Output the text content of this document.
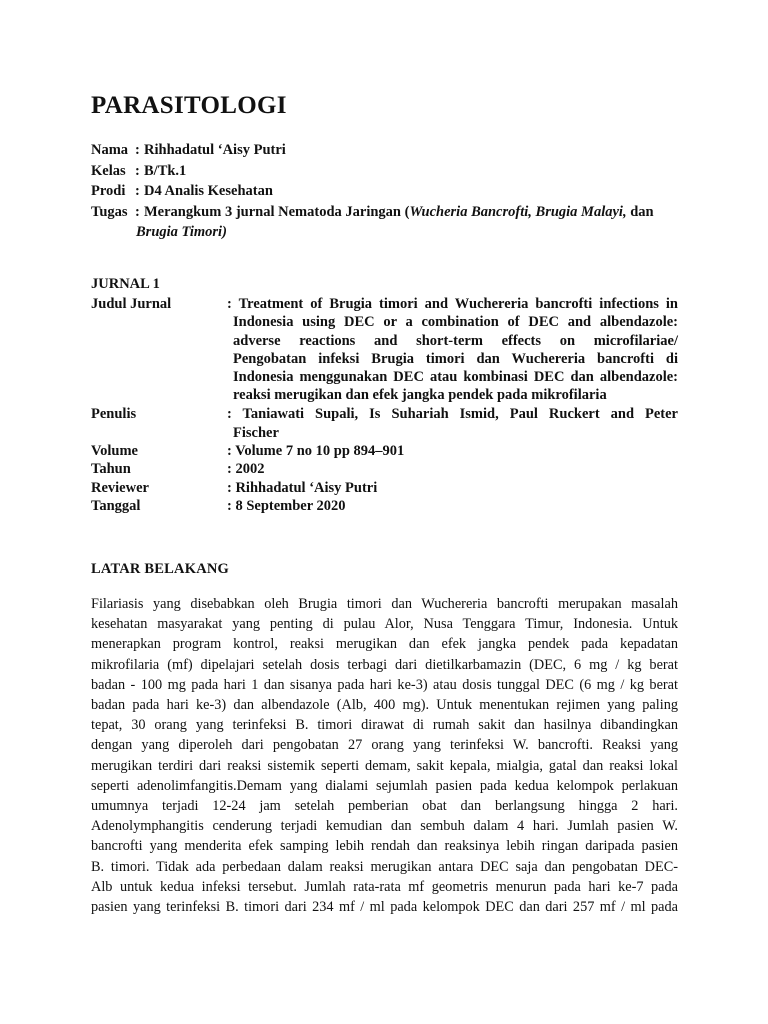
PARASITOLOGI
Nama : Rihhadatul ‘Aisy Putri
Kelas : B/Tk.1
Prodi : D4 Analis Kesehatan
Tugas : Merangkum 3 jurnal Nematoda Jaringan (Wucheria Bancrofti, Brugia Malayi, dan
Brugia Timori)
JURNAL 1
Judul Jurnal	: Treatment of Brugia timori and Wuchereria bancrofti infections in
Indonesia using DEC or a combination of DEC and albendazole:
adverse reactions and short-term effects on microfilariae/
Pengobatan infeksi Brugia timori dan Wuchereria bancrofti di
Indonesia menggunakan DEC atau kombinasi DEC dan albendazole:
reaksi merugikan dan efek jangka pendek pada mikrofilaria
Penulis	: Taniawati Supali, Is Suhariah Ismid, Paul Ruckert and Peter
Fischer
Volume	: Volume 7 no 10 pp 894–901
Tahun	: 2002
Reviewer	: Rihhadatul ‘Aisy Putri
Tanggal	: 8 September 2020
LATAR BELAKANG
Filariasis yang disebabkan oleh Brugia timori dan Wuchereria bancrofti merupakan masalah
kesehatan masyarakat yang penting di pulau Alor, Nusa Tenggara Timur, Indonesia. Untuk
menerapkan program kontrol, reaksi merugikan dan efek jangka pendek pada kepadatan
mikrofilaria (mf) dipelajari setelah dosis terbagi dari dietilkarbamazin (DEC, 6 mg / kg berat
badan - 100 mg pada hari 1 dan sisanya pada hari ke-3) atau dosis tunggal DEC (6 mg / kg berat
badan pada hari ke-3) dan albendazole (Alb, 400 mg). Untuk menentukan rejimen yang paling
tepat, 30 orang yang terinfeksi B. timori dirawat di rumah sakit dan hasilnya dibandingkan
dengan yang diperoleh dari pengobatan 27 orang yang terinfeksi W. bancrofti. Reaksi yang
merugikan terdiri dari reaksi sistemik seperti demam, sakit kepala, mialgia, gatal dan reaksi lokal
seperti adenolimfangitis.Demam yang dialami sejumlah pasien pada kedua kelompok perlakuan
umumnya terjadi 12-24 jam setelah pemberian obat dan berlangsung hingga 2 hari.
Adenolymphangitis cenderung terjadi kemudian dan sembuh dalam 4 hari. Jumlah pasien W.
bancrofti yang menderita efek samping lebih rendah dan reaksinya lebih ringan daripada pasien
B. timori. Tidak ada perbedaan dalam reaksi merugikan antara DEC saja dan pengobatan DEC-
Alb untuk kedua infeksi tersebut. Jumlah rata-rata mf geometris menurun pada hari ke-7 pada
pasien yang terinfeksi B. timori dari 234 mf / ml pada kelompok DEC dan dari 257 mf / ml pada
